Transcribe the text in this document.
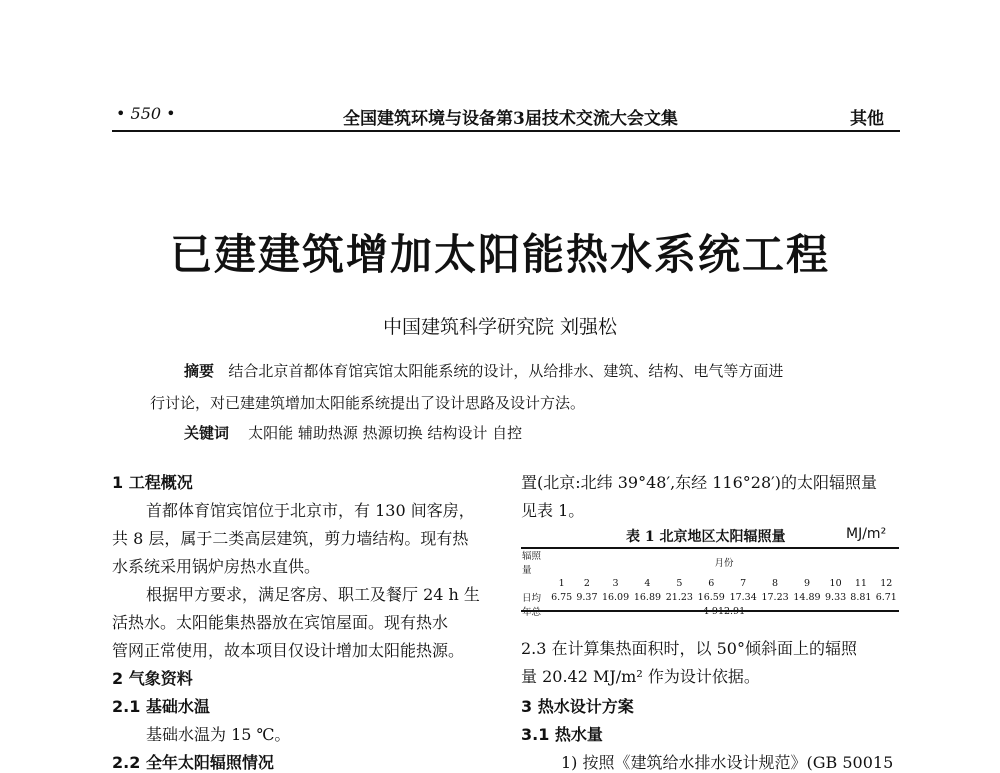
• 550 •	全国建筑环境与设备第3届技术交流大会文集	其他
已建建筑增加太阳能热水系统工程
中国建筑科学研究院 刘强松
摘要 结合北京首都体育馆宾馆太阳能系统的设计，从给排水、建筑、结构、电气等方面进
行讨论，对已建建筑增加太阳能系统提出了设计思路及设计方法。
关键词 太阳能 辅助热源 热源切换 结构设计 自控
1 工程概况
首都体育馆宾馆位于北京市，有 130 间客房，
共 8 层，属于二类高层建筑，剪力墙结构。现有热
水系统采用锅炉房热水直供。
根据甲方要求，满足客房、职工及餐厅 24 h 生
活热水。太阳能集热器放在宾馆屋面。现有热水
管网正常使用，故本项目仅设计增加太阳能热源。
2 气象资料
2.1 基础水温
基础水温为 15 ℃。
2.2 全年太阳辐照情况
置(北京:北纬 39°48′,东经 116°28′)的太阳辐照量
见表 1。
表 1 北京地区太阳辐照量	MJ/m²
辐照量	月份											
	1	2	3	4	5	6	7	8	9	10	11	12
日均	6.75	9.37	16.09	16.89	21.23	16.59	17.34	17.23	14.89	9.33	8.81	6.71
年总	4 912.91											
2.3 在计算集热面积时，以 50°倾斜面上的辐照
量 20.42 MJ/m² 作为设计依据。
3 热水设计方案
3.1 热水量
1) 按照《建筑给水排水设计规范》(GB 50015
